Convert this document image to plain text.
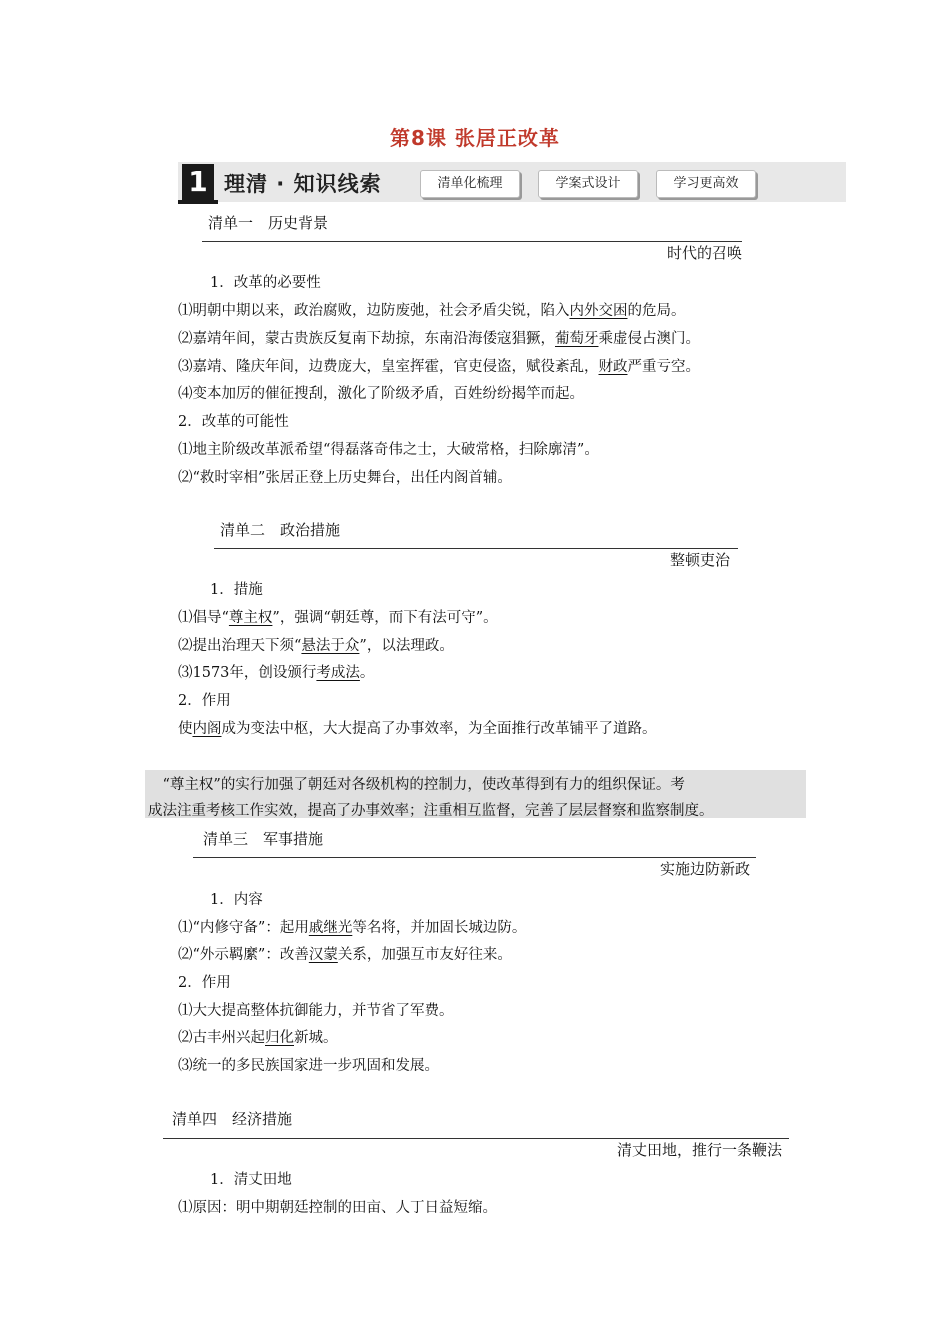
第8课 张居正改革
1 理清 · 知识线索	清单化梳理	学案式设计	学习更高效
清单一　历史背景
时代的召唤
1．改革的必要性
⑴明朝中期以来，政治腐败，边防废弛，社会矛盾尖锐，陷入内外交困的危局。
⑵嘉靖年间，蒙古贵族反复南下劫掠，东南沿海倭寇猖獗，葡萄牙乘虚侵占澳门。
⑶嘉靖、隆庆年间，边费庞大，皇室挥霍，官吏侵盗，赋役紊乱，财政严重亏空。
⑷变本加厉的催征搜刮，激化了阶级矛盾，百姓纷纷揭竿而起。
2．改革的可能性
⑴地主阶级改革派希望“得磊落奇伟之士，大破常格，扫除廓清”。
⑵“救时宰相”张居正登上历史舞台，出任内阁首辅。
清单二　政治措施
整顿吏治
1．措施
⑴倡导“尊主权”，强调“朝廷尊，而下有法可守”。
⑵提出治理天下须“悬法于众”，以法理政。
⑶1573年，创设颁行考成法。
2．作用
使内阁成为变法中枢，大大提高了办事效率，为全面推行改革铺平了道路。
　“尊主权”的实行加强了朝廷对各级机构的控制力，使改革得到有力的组织保证。考
成法注重考核工作实效，提高了办事效率；注重相互监督，完善了层层督察和监察制度。
清单三　军事措施
实施边防新政
1．内容
⑴“内修守备”：起用戚继光等名将，并加固长城边防。
⑵“外示羁縻”：改善汉蒙关系，加强互市友好往来。
2．作用
⑴大大提高整体抗御能力，并节省了军费。
⑵古丰州兴起归化新城。
⑶统一的多民族国家进一步巩固和发展。
清单四　经济措施
清丈田地，推行一条鞭法
1．清丈田地
⑴原因：明中期朝廷控制的田亩、人丁日益短缩。
